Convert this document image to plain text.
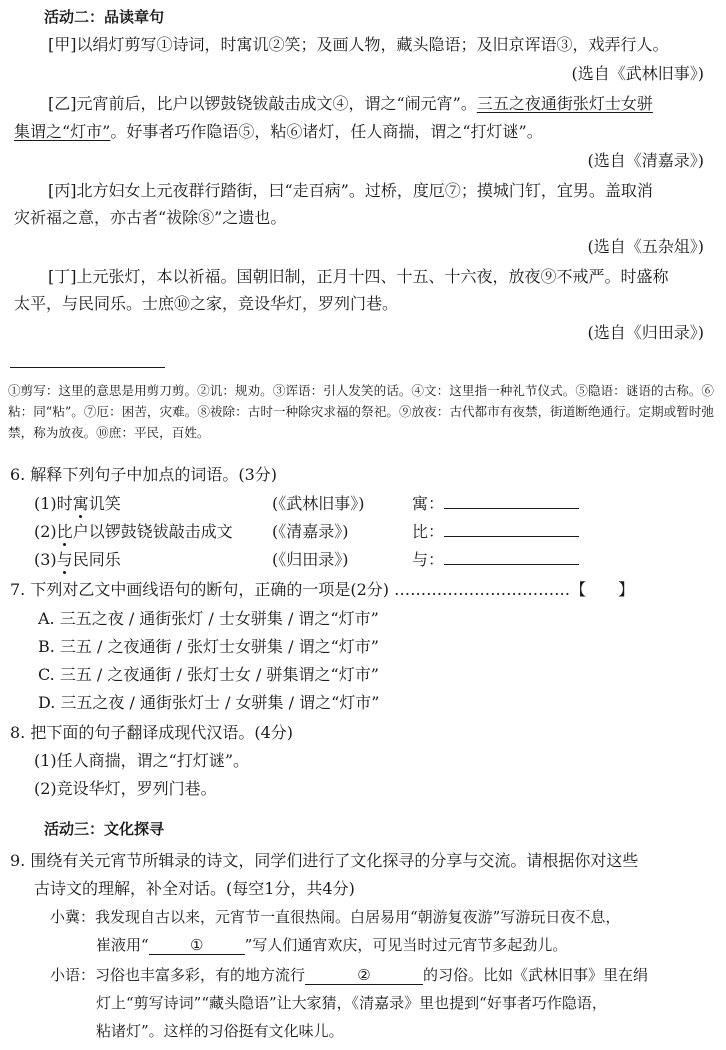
活动二：品读章句
[甲]以绢灯剪写①诗词，时寓讥②笑；及画人物，藏头隐语；及旧京诨语③，戏弄行人。
(选自《武林旧事》)
[乙]元宵前后，比户以锣鼓铙钹敲击成文④，谓之“闹元宵”。三五之夜通街张灯士女骈
集谓之“灯市”。好事者巧作隐语⑤，粘⑥诸灯，任人商揣，谓之“打灯谜”。
(选自《清嘉录》)
[丙]北方妇女上元夜群行踏街，曰“走百病”。过桥，度厄⑦；摸城门钉，宜男。盖取消
灾祈福之意，亦古者“祓除⑧”之遗也。
(选自《五杂俎》)
[丁]上元张灯，本以祈福。国朝旧制，正月十四、十五、十六夜，放夜⑨不戒严。时盛称
太平，与民同乐。士庶⑩之家，竞设华灯，罗列门巷。
(选自《归田录》)
①剪写：这里的意思是用剪刀剪。②讥：规劝。③诨语：引人发笑的话。④文：这里指一种礼节仪式。⑤隐语：谜语的古称。⑥粘：同“粘”。⑦厄：困苦，灾难。⑧祓除：古时一种除灾求福的祭祀。⑨放夜：古代都市有夜禁，街道断绝通行。定期或暂时弛禁，称为放夜。⑩庶：平民，百姓。
6. 解释下列句子中加点的词语。(3分)
(1)时寓讥笑	(《武林旧事》)	寓：
(2)比户以锣鼓铙钹敲击成文 (《清嘉录》)	比：
(3)与民同乐	(《归田录》)	与：
7. 下列对乙文中画线语句的断句，正确的一项是(2分) ……………………………【　　】
A. 三五之夜 / 通街张灯 / 士女骈集 / 谓之“灯市”
B. 三五 / 之夜通街 / 张灯士女骈集 / 谓之“灯市”
C. 三五 / 之夜通街 / 张灯士女 / 骈集谓之“灯市”
D. 三五之夜 / 通街张灯士 / 女骈集 / 谓之“灯市”
8. 把下面的句子翻译成现代汉语。(4分)
(1)任人商揣，谓之“打灯谜”。
(2)竞设华灯，罗列门巷。
活动三：文化探寻
9. 围绕有关元宵节所辑录的诗文，同学们进行了文化探寻的分享与交流。请根据你对这些
古诗文的理解，补全对话。(每空1分，共4分)
小冀：我发现自古以来，元宵节一直很热闹。白居易用“朝游复夜游”写游玩日夜不息，
崔液用“	①	”写人们通宵欢庆，可见当时过元宵节多起劲儿。
小语：习俗也丰富多彩，有的地方流行	②	的习俗。比如《武林旧事》里在绢
灯上“剪写诗词”“藏头隐语”让大家猜，《清嘉录》里也提到“好事者巧作隐语，
粘诸灯”。这样的习俗挺有文化味儿。
